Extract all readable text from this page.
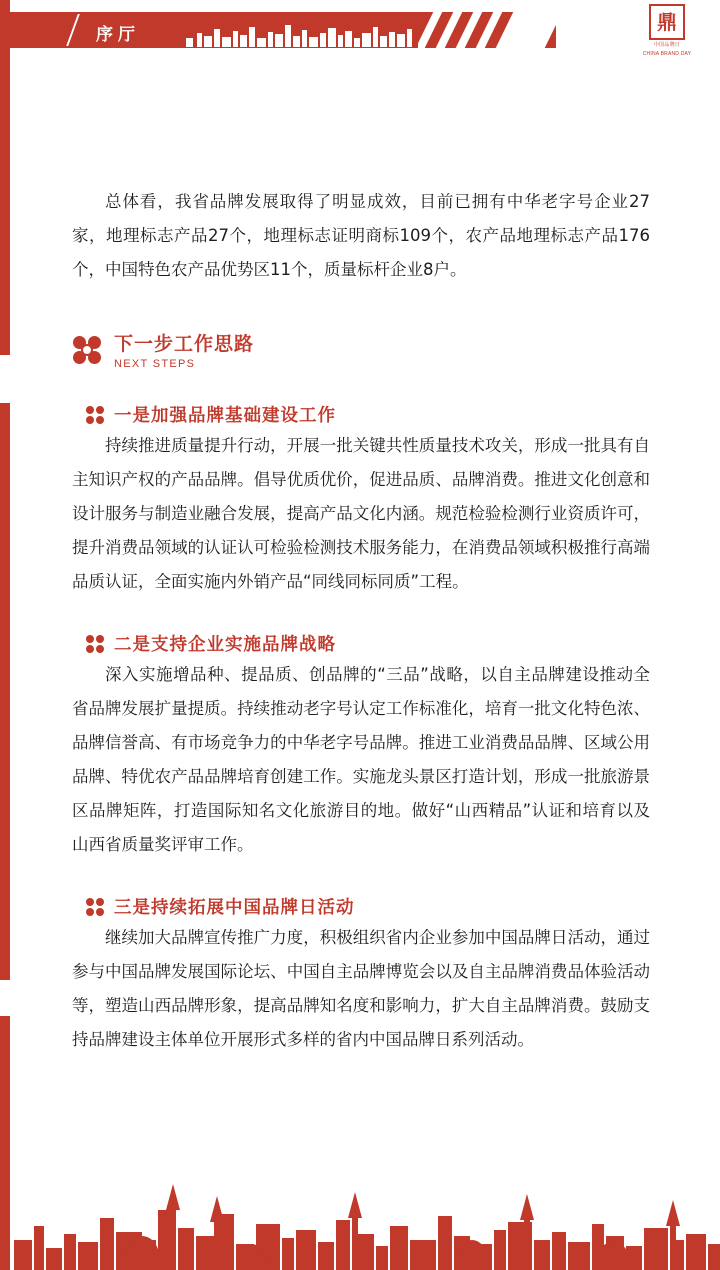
序厅
鼎
中国品牌日
CHINA BRAND DAY

总体看，我省品牌发展取得了明显成效，目前已拥有中华老字号企业27家，地理标志产品27个，地理标志证明商标109个，农产品地理标志产品176个，中国特色农产品优势区11个，质量标杆企业8户。

下一步工作思路
NEXT STEPS
一是加强品牌基础建设工作

持续推进质量提升行动，开展一批关键共性质量技术攻关，形成一批具有自主知识产权的产品品牌。倡导优质优价，促进品质、品牌消费。推进文化创意和设计服务与制造业融合发展，提高产品文化内涵。规范检验检测行业资质许可，提升消费品领域的认证认可检验检测技术服务能力，在消费品领域积极推行高端品质认证，全面实施内外销产品“同线同标同质”工程。

二是支持企业实施品牌战略

深入实施增品种、提品质、创品牌的“三品”战略，以自主品牌建设推动全省品牌发展扩量提质。持续推动老字号认定工作标准化，培育一批文化特色浓、品牌信誉高、有市场竞争力的中华老字号品牌。推进工业消费品品牌、区域公用品牌、特优农产品品牌培育创建工作。实施龙头景区打造计划，形成一批旅游景区品牌矩阵，打造国际知名文化旅游目的地。做好“山西精品”认证和培育以及山西省质量奖评审工作。

三是持续拓展中国品牌日活动

继续加大品牌宣传推广力度，积极组织省内企业参加中国品牌日活动，通过参与中国品牌发展国际论坛、中国自主品牌博览会以及自主品牌消费品体验活动等，塑造山西品牌形象，提高品牌知名度和影响力，扩大自主品牌消费。鼓励支持品牌建设主体单位开展形式多样的省内中国品牌日系列活动。
